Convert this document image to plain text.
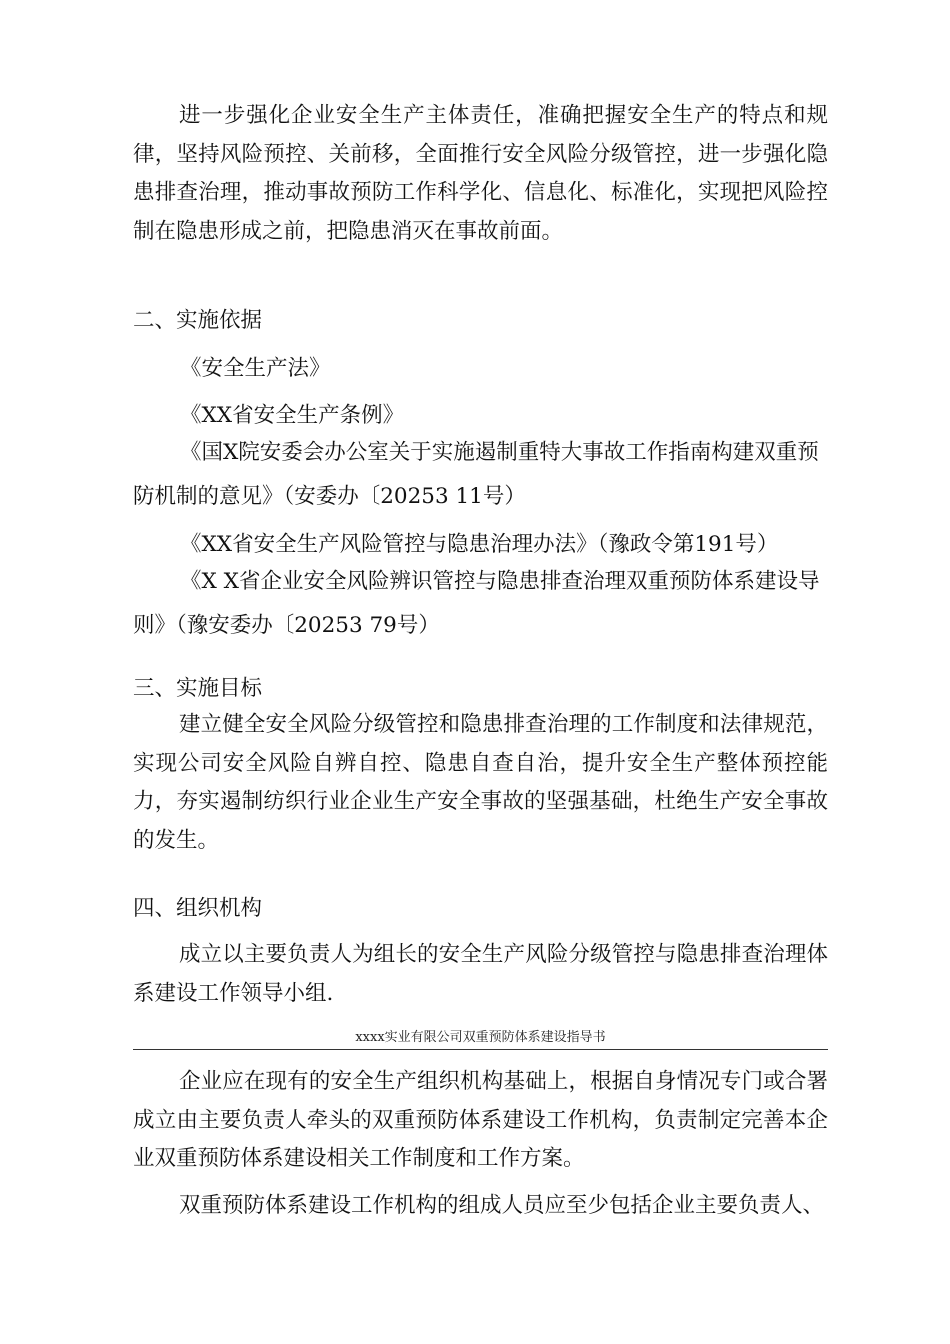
进一步强化企业安全生产主体责任，准确把握安全生产的特点和规律，坚持风险预控、关前移，全面推行安全风险分级管控，进一步强化隐患排查治理，推动事故预防工作科学化、信息化、标准化，实现把风险控制在隐患形成之前，把隐患消灭在事故前面。

二、实施依据

《安全生产法》

《XX省安全生产条例》

《国X院安委会办公室关于实施遏制重特大事故工作指南构建双重预

防机制的意见》（安委办〔20253 11号）

《XX省安全生产风险管控与隐患治理办法》（豫政令第191号）

《X X省企业安全风险辨识管控与隐患排查治理双重预防体系建设导

则》（豫安委办〔20253 79号）

三、实施目标

建立健全安全风险分级管控和隐患排查治理的工作制度和法律规范，实现公司安全风险自辨自控、隐患自查自治，提升安全生产整体预控能力，夯实遏制纺织行业企业生产安全事故的坚强基础，杜绝生产安全事故的发生。

四、组织机构

成立以主要负责人为组长的安全生产风险分级管控与隐患排查治理体系建设工作领导小组.

xxxx实业有限公司双重预防体系建设指导书

企业应在现有的安全生产组织机构基础上，根据自身情况专门或合署成立由主要负责人牵头的双重预防体系建设工作机构，负责制定完善本企业双重预防体系建设相关工作制度和工作方案。

双重预防体系建设工作机构的组成人员应至少包括企业主要负责人、
